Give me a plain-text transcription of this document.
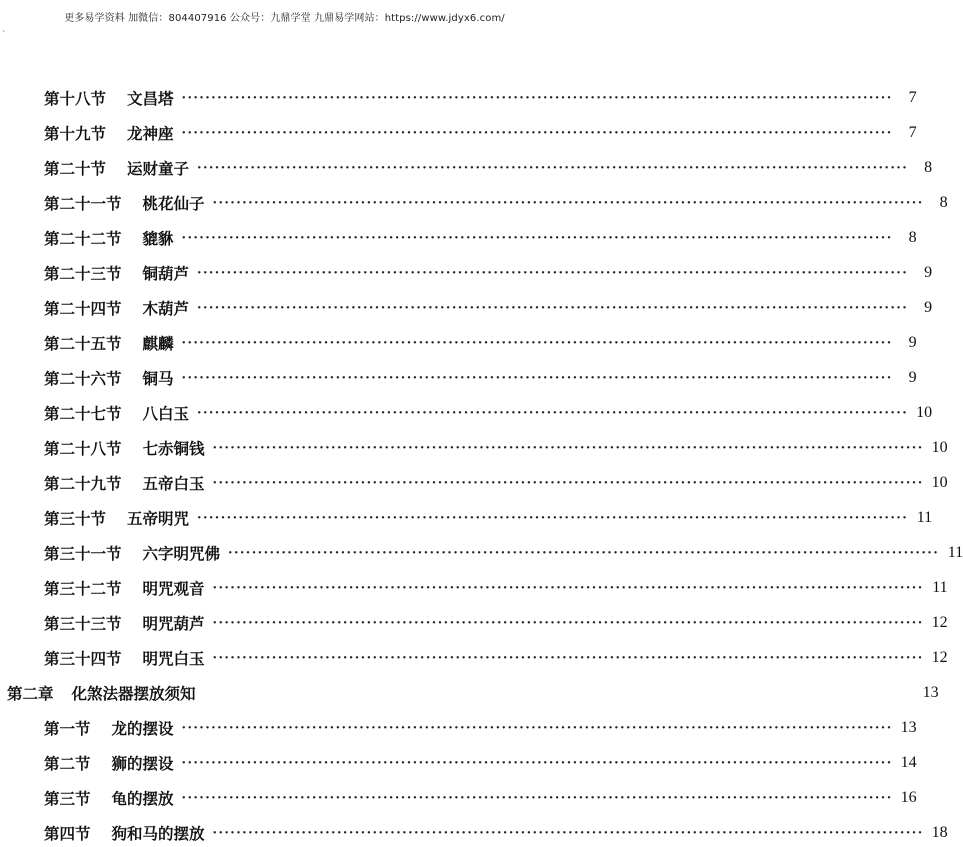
更多易学资料 加微信：804407916 公众号：九鼎学堂 九鼎易学网站：https://www.jdyx6.com/
`
第十八节 文昌塔 ························································································································	7
第十九节 龙神座 ························································································································	7
第二十节 运财童子 ························································································································	8
第二十一节 桃花仙子 ························································································································	8
第二十二节 貔貅 ························································································································	8
第二十三节 铜葫芦 ························································································································	9
第二十四节 木葫芦 ························································································································	9
第二十五节 麒麟 ························································································································	9
第二十六节 铜马 ························································································································	9
第二十七节 八白玉 ························································································································ 10
第二十八节 七赤铜钱 ························································································································ 10
第二十九节 五帝白玉 ························································································································ 10
第三十节 五帝明咒 ························································································································ 11
第三十一节 六字明咒佛 ························································································································ 11
第三十二节 明咒观音 ························································································································ 11
第三十三节 明咒葫芦 ························································································································ 12
第三十四节 明咒白玉 ························································································································ 12
第二章 化煞法器摆放须知	13
第一节 龙的摆设 ························································································································ 13
第二节 狮的摆设 ························································································································ 14
第三节 龟的摆放 ························································································································ 16
第四节 狗和马的摆放 ························································································································ 18
